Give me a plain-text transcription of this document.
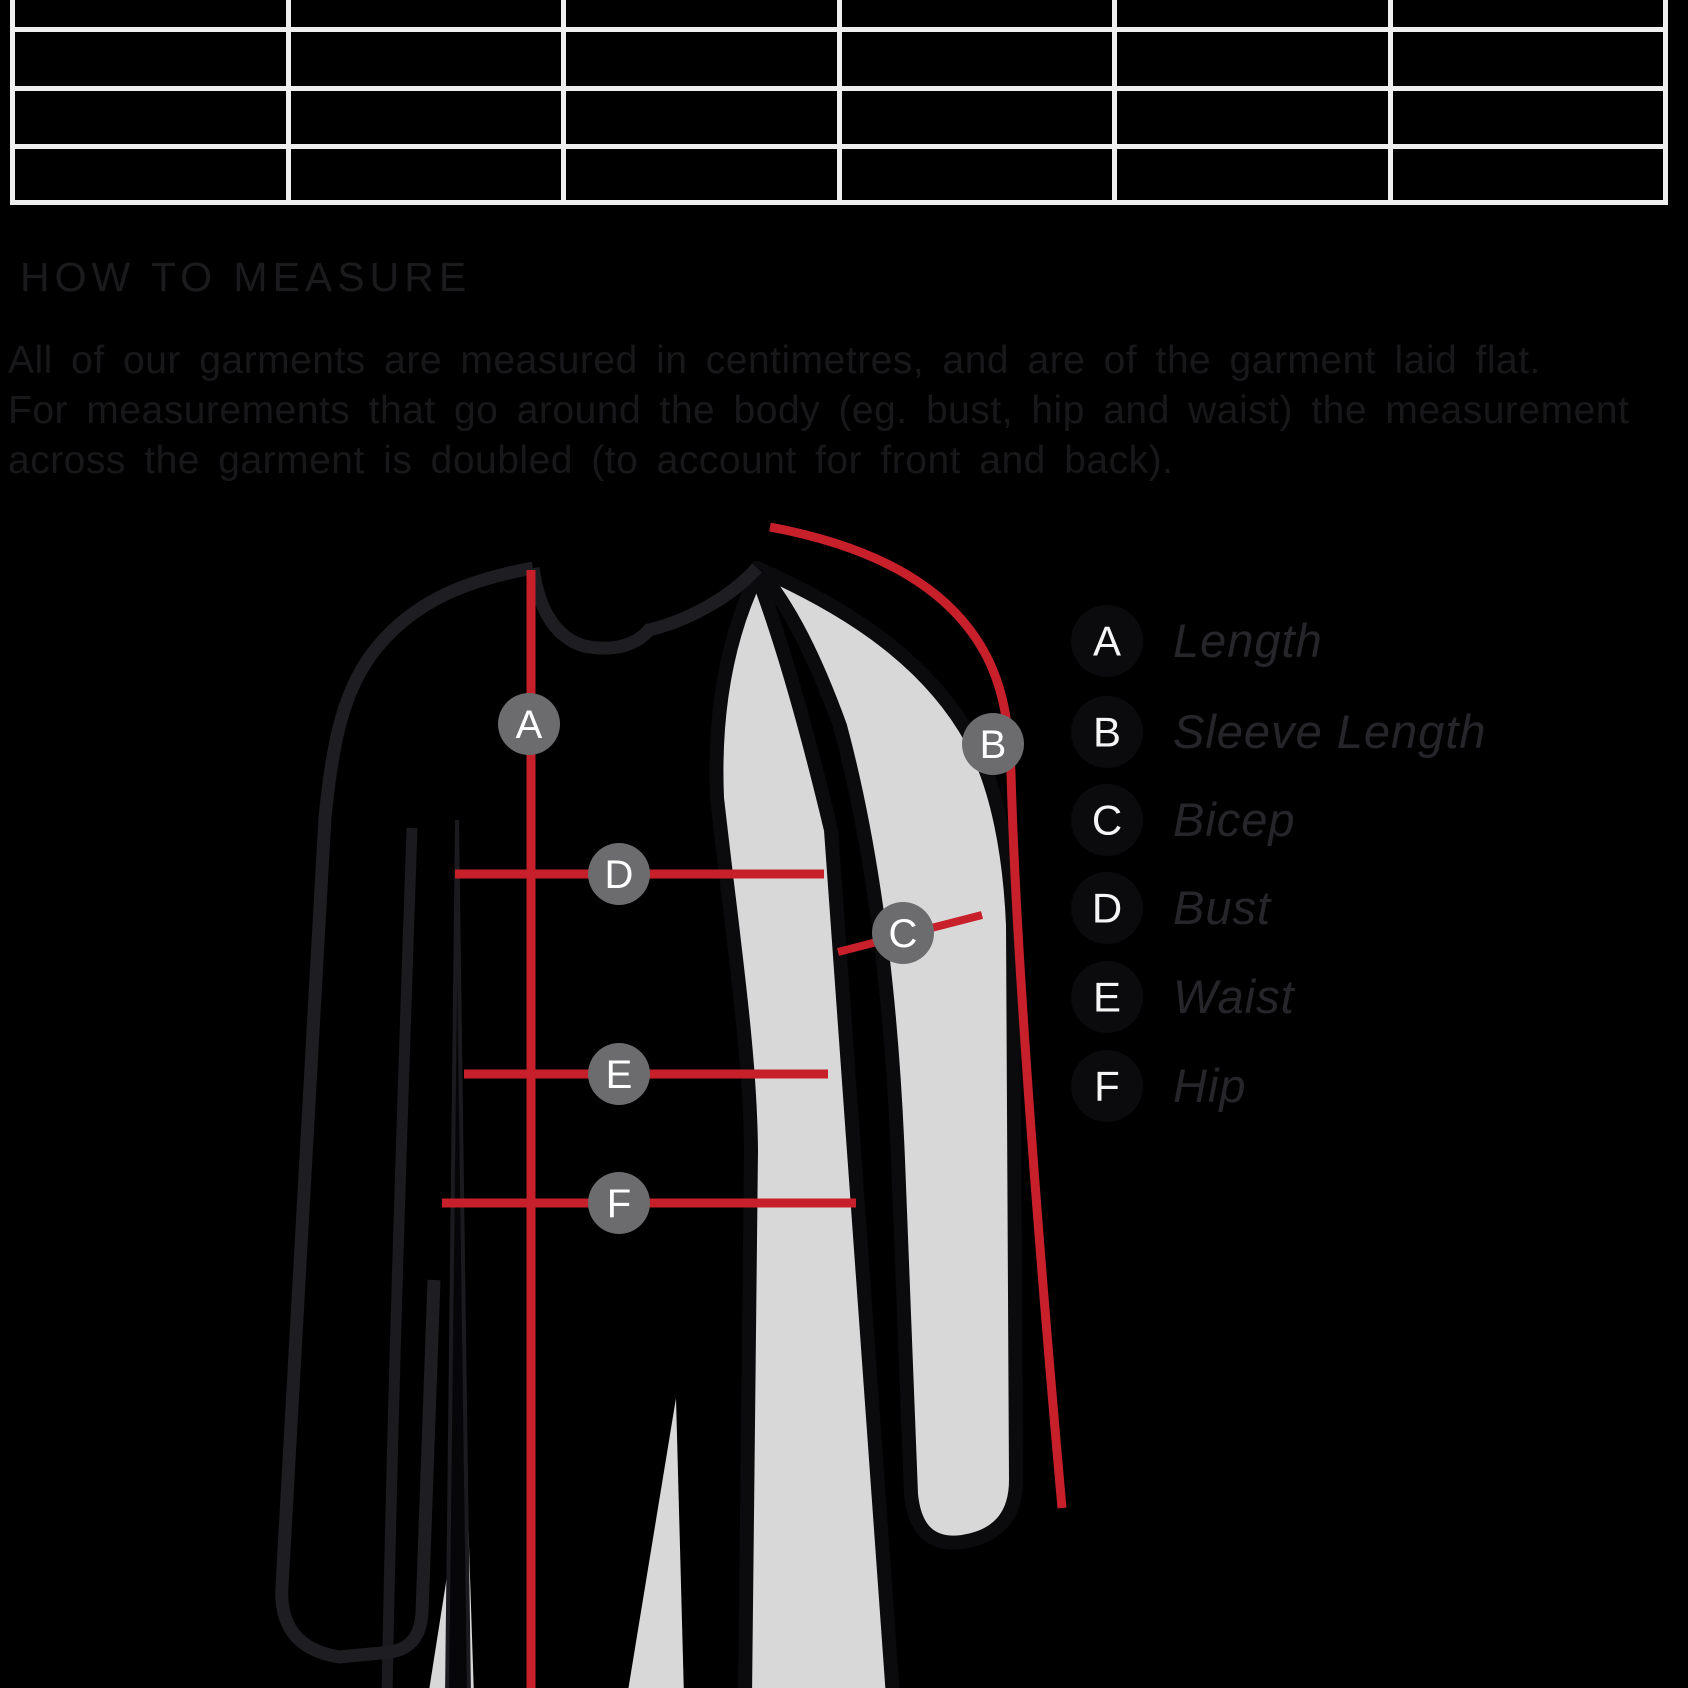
HOW TO MEASURE
All of our garments are measured in centimetres, and are of the garment laid flat.
For measurements that go around the body (eg. bust, hip and waist) the measurement
across the garment is doubled (to account for front and back).
A	B
C
D
E
F
A Length
B Sleeve Length
C Bicep
D Bust
E Waist
F Hip
